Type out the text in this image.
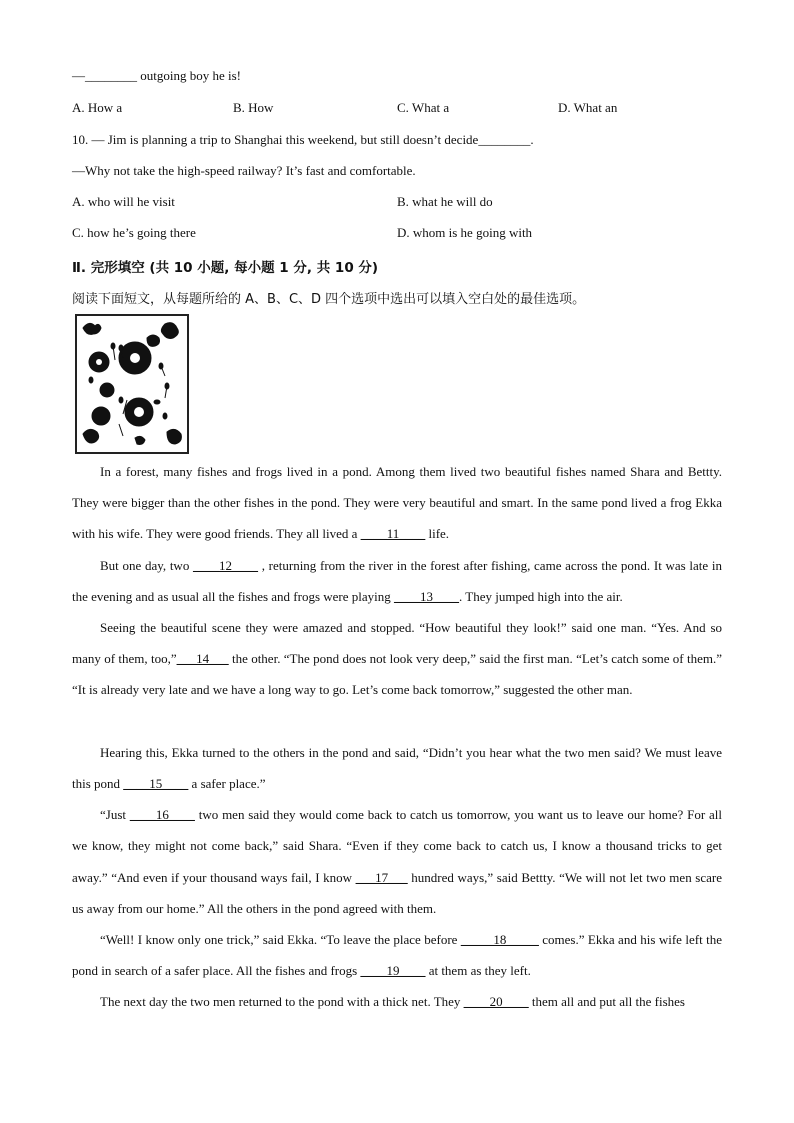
—________ outgoing boy he is!
A. How a	B. How	C. What a	D. What an
10. — Jim is planning a trip to Shanghai this weekend, but still doesn’t decide________.
—Why not take the high-speed railway? It’s fast and comfortable.
A. who will he visit	B. what he will do
C. how he’s going there	D. whom is he going with
Ⅱ. 完形填空 (共 10 小题, 每小题 1 分, 共 10 分)
阅读下面短文，从每题所给的 A、B、C、D 四个选项中选出可以填入空白处的最佳选项。
In a forest, many fishes and frogs lived in a pond. Among them lived two beautiful fishes named Shara and Bettty. They were bigger than the other fishes in the pond. They were very beautiful and smart. In the same pond lived a frog Ekka with his wife. They were good friends. They all lived a ____11____ life.
But one day, two ____12____ , returning from the river in the forest after fishing, came across the pond. It was late in the evening and as usual all the fishes and frogs were playing ____13____. They jumped high into the air.
Seeing the beautiful scene they were amazed and stopped. “How beautiful they look!” said one man. “Yes. And so many of them, too,”___14___ the other. “The pond does not look very deep,” said the first man. “Let’s catch some of them.” “It is already very late and we have a long way to go. Let’s come back tomorrow,” suggested the other man.
Hearing this, Ekka turned to the others in the pond and said, “Didn’t you hear what the two men said? We must leave this pond ____15____ a safer place.”
“Just ____16____ two men said they would come back to catch us tomorrow, you want us to leave our home? For all we know, they might not come back,” said Shara. “Even if they come back to catch us, I know a thousand tricks to get away.” “And even if your thousand ways fail, I know ___17___ hundred ways,” said Bettty. “We will not let two men scare us away from our home.” All the others in the pond agreed with them.
“Well! I know only one trick,” said Ekka. “To leave the place before _____18_____ comes.” Ekka and his wife left the pond in search of a safer place. All the fishes and frogs ____19____ at them as they left.
The next day the two men returned to the pond with a thick net. They ____20____ them all and put all the fishes
